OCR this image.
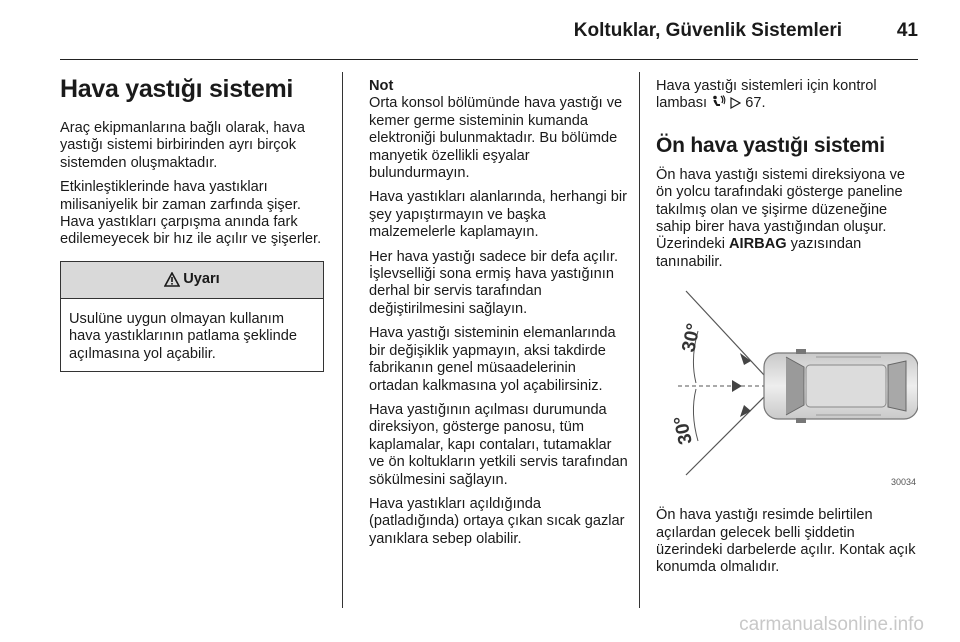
Koltuklar, Güvenlik Sistemleri	41
Hava yastığı sistemi

Araç ekipmanlarına bağlı olarak, hava yastığı sistemi birbirinden ayrı birçok sistemden oluşmaktadır.

Etkinleştiklerinde hava yastıkları milisaniyelik bir zaman zarfında şişer. Hava yastıkları çarpışma anında fark edilemeyecek bir hız ile açılır ve şişerler.

Uyarı
Usulüne uygun olmayan kullanım hava yastıklarının patlama şeklinde açılmasına yol açabilir.

Not

Orta konsol bölümünde hava yastığı ve kemer germe sisteminin kumanda elektroniği bulunmaktadır. Bu bölümde manyetik özellikli eşyalar bulundurmayın.

Hava yastıkları alanlarında, herhangi bir şey yapıştırmayın ve başka malzemelerle kaplamayın.

Her hava yastığı sadece bir defa açılır. İşlevselliği sona ermiş hava yastığının derhal bir servis tarafından değiştirilmesini sağlayın.

Hava yastığı sisteminin elemanlarında bir değişiklik yapmayın, aksi takdirde fabrikanın genel müsaadelerinin ortadan kalkmasına yol açabilirsiniz.

Hava yastığının açılması durumunda direksiyon, gösterge panosu, tüm kaplamalar, kapı contaları, tutamaklar ve ön koltukların yetkili servis tarafından sökülmesini sağlayın.

Hava yastıkları açıldığında (patladığında) ortaya çıkan sıcak gazlar yanıklara sebep olabilir.

Hava yastığı sistemleri için kontrol lambası	67.

Ön hava yastığı sistemi

Ön hava yastığı sistemi direksiyona ve ön yolcu tarafındaki gösterge paneline takılmış olan ve şişirme düzeneğine sahip birer hava yastığından oluşur. Üzerindeki AIRBAG yazısından tanınabilir.

30°
30°
30034

Ön hava yastığı resimde belirtilen açılardan gelecek belli şiddetin üzerindeki darbelerde açılır. Kontak açık konumda olmalıdır.

carmanualsonline.info
